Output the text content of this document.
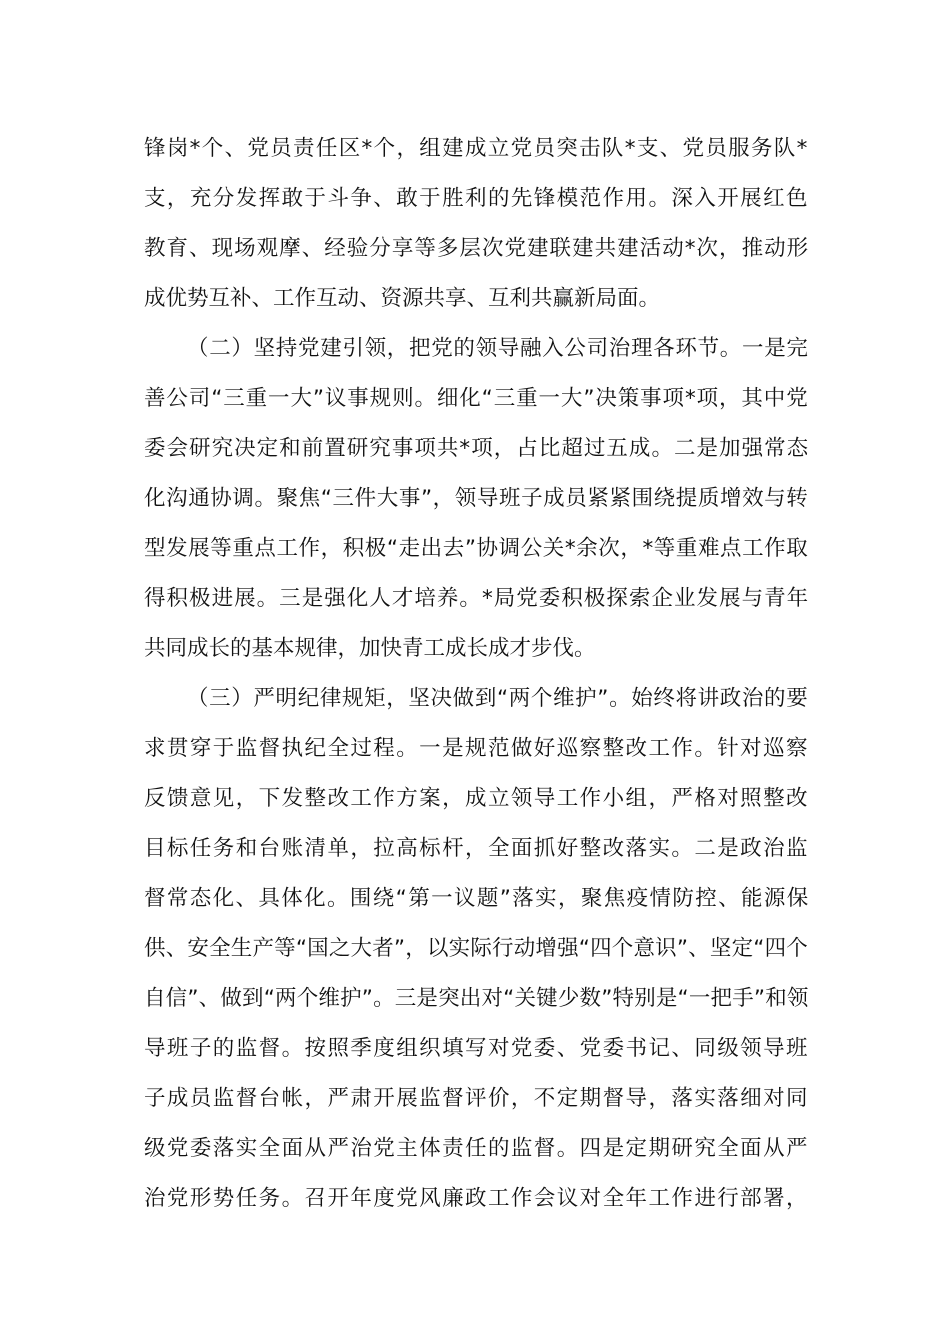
锋岗*个、党员责任区*个，组建成立党员突击队*支、党员服务队*
支，充分发挥敢于斗争、敢于胜利的先锋模范作用。深入开展红色
教育、现场观摩、经验分享等多层次党建联建共建活动*次，推动形
成优势互补、工作互动、资源共享、互利共赢新局面。
（二）坚持党建引领，把党的领导融入公司治理各环节。一是完
善公司“三重一大”议事规则。细化“三重一大”决策事项*项，其中党
委会研究决定和前置研究事项共*项，占比超过五成。二是加强常态
化沟通协调。聚焦“三件大事”，领导班子成员紧紧围绕提质增效与转
型发展等重点工作，积极“走出去”协调公关*余次，*等重难点工作取
得积极进展。三是强化人才培养。*局党委积极探索企业发展与青年
共同成长的基本规律，加快青工成长成才步伐。
（三）严明纪律规矩，坚决做到“两个维护”。始终将讲政治的要
求贯穿于监督执纪全过程。一是规范做好巡察整改工作。针对巡察
反馈意见，下发整改工作方案，成立领导工作小组，严格对照整改
目标任务和台账清单，拉高标杆，全面抓好整改落实。二是政治监
督常态化、具体化。围绕“第一议题”落实，聚焦疫情防控、能源保
供、安全生产等“国之大者”，以实际行动增强“四个意识”、坚定“四个
自信”、做到“两个维护”。三是突出对“关键少数”特别是“一把手”和领
导班子的监督。按照季度组织填写对党委、党委书记、同级领导班
子成员监督台帐，严肃开展监督评价，不定期督导，落实落细对同
级党委落实全面从严治党主体责任的监督。四是定期研究全面从严
治党形势任务。召开年度党风廉政工作会议对全年工作进行部署，
